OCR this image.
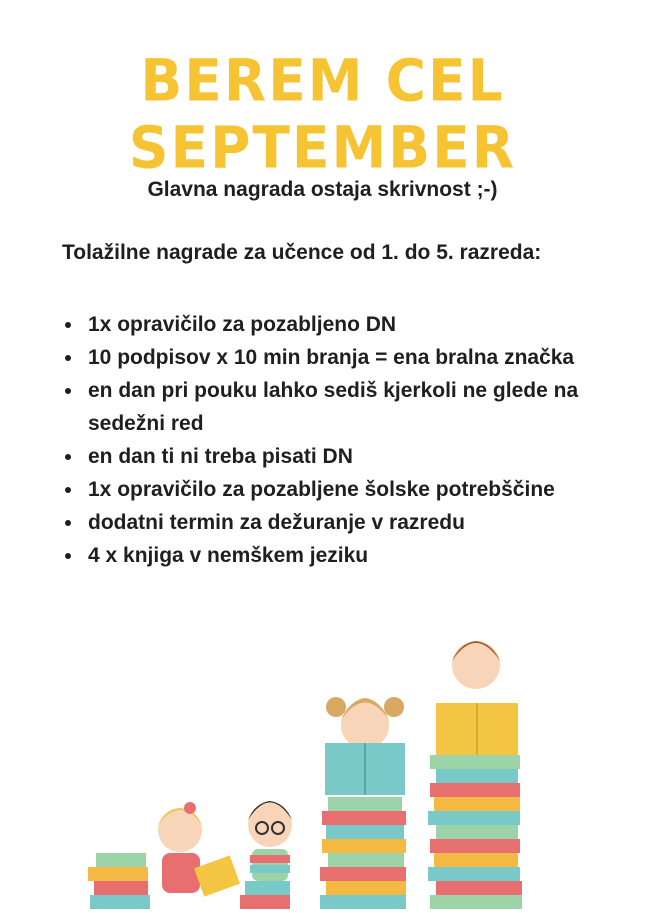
BEREM CEL SEPTEMBER
Glavna nagrada ostaja skrivnost ;-)
Tolažilne nagrade za učence od 1. do 5. razreda:
1x opravičilo za pozabljeno DN
10 podpisov x 10 min branja = ena bralna značka
en dan pri pouku lahko sediš kjerkoli ne glede na sedežni red
en dan ti ni treba pisati DN
1x opravičilo za pozabljene šolske potrebščine
dodatni termin za dežuranje v razredu
4 x knjiga v nemškem jeziku
